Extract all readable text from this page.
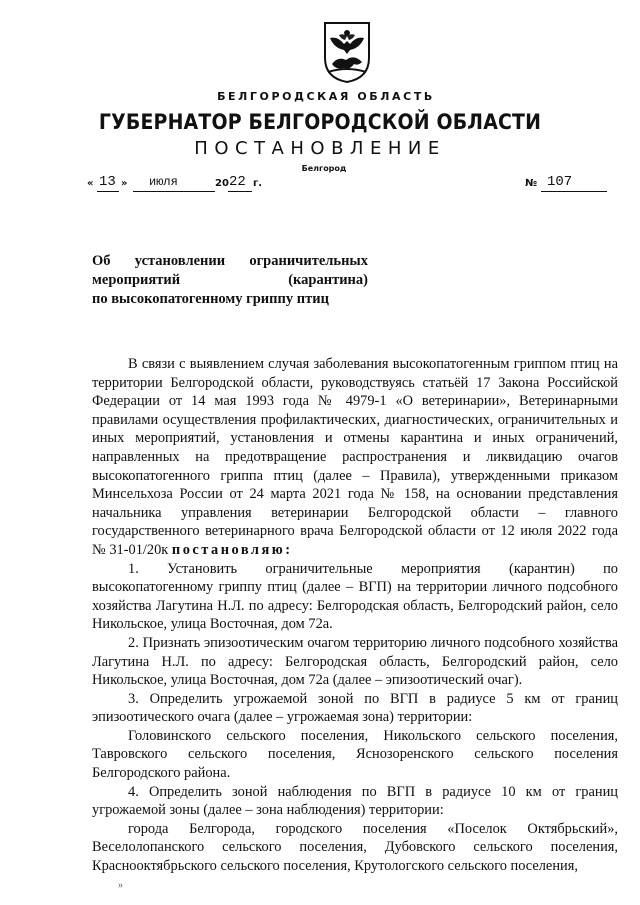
БЕЛГОРОДСКАЯ ОБЛАСТЬ
ГУБЕРНАТОР БЕЛГОРОДСКОЙ ОБЛАСТИ
ПОСТАНОВЛЕНИЕ
Белгород
« 13 » июля	20 22 г.	№ 107
Об установлении ограничительных
мероприятий (карантина)
по высокопатогенному гриппу птиц

В связи с выявлением случая заболевания высокопатогенным гриппом птиц на территории Белгородской области, руководствуясь статьёй 17 Закона Российской Федерации от 14 мая 1993 года № 4979-1 «О ветеринарии», Ветеринарными правилами осуществления профилактических, диагностических, ограничительных и иных мероприятий, установления и отмены карантина и иных ограничений, направленных на предотвращение распространения и ликвидацию очагов высокопатогенного гриппа птиц (далее – Правила), утвержденными приказом Минсельхоза России от 24 марта 2021 года № 158, на основании представления начальника управления ветеринарии Белгородской области – главного государственного ветеринарного врача Белгородской области от 12 июля 2022 года № 31-01/20к постановляю:

1. Установить ограничительные мероприятия (карантин) по высокопатогенному гриппу птиц (далее – ВГП) на территории личного подсобного хозяйства Лагутина Н.Л. по адресу: Белгородская область, Белгородский район, село Никольское, улица Восточная, дом 72а.

2. Признать эпизоотическим очагом территорию личного подсобного хозяйства Лагутина Н.Л. по адресу: Белгородская область, Белгородский район, село Никольское, улица Восточная, дом 72а (далее – эпизоотический очаг).

3. Определить угрожаемой зоной по ВГП в радиусе 5 км от границ эпизоотического очага (далее – угрожаемая зона) территории:

Головинского сельского поселения, Никольского сельского поселения, Тавровского сельского поселения, Яснозоренского сельского поселения Белгородского района.

4. Определить зоной наблюдения по ВГП в радиусе 10 км от границ угрожаемой зоны (далее – зона наблюдения) территории:

города Белгорода, городского поселения «Поселок Октябрьский», Веселолопанского сельского поселения, Дубовского сельского поселения, Краснооктябрьского сельского поселения, Крутологского сельского поселения,

»
